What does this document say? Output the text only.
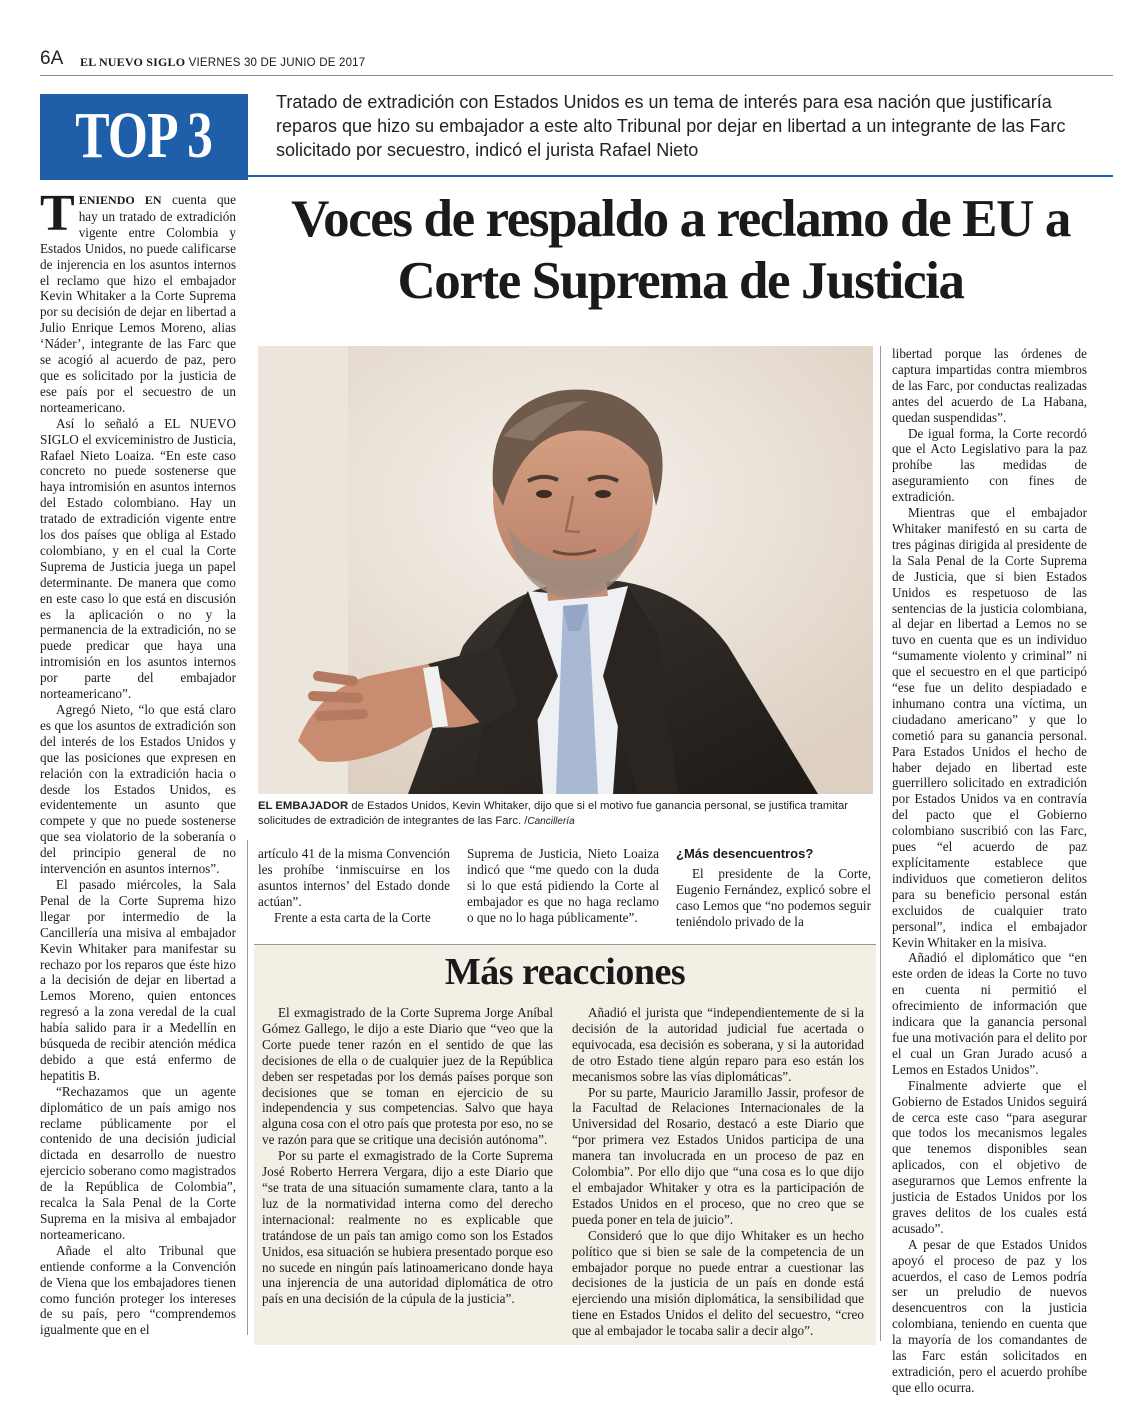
6A EL NUEVO SIGLO VIERNES 30 DE JUNIO DE 2017
TOP 3	Tratado de extradición con Estados Unidos es un tema de interés para esa nación que justificaría reparos que hizo su embajador a este alto Tribunal por dejar en libertad a un integrante de las Farc solicitado por secuestro, indicó el jurista Rafael Nieto
Voces de respaldo a reclamo de EU a Corte Suprema de Justicia

TENIENDO EN cuenta que hay un tratado de extradición vigente entre Colombia y Estados Unidos, no puede calificarse de injerencia en los asuntos internos el reclamo que hizo el embajador Kevin Whitaker a la Corte Suprema por su decisión de dejar en libertad a Julio Enrique Lemos Moreno, alias ‘Náder’, integrante de las Farc que se acogió al acuerdo de paz, pero que es solicitado por la justicia de ese país por el secuestro de un norteamericano.

Así lo señaló a EL NUEVO SIGLO el exviceministro de Justicia, Rafael Nieto Loaiza. “En este caso concreto no puede sostenerse que haya intromisión en asuntos internos del Estado colombiano. Hay un tratado de extradición vigente entre los dos países que obliga al Estado colombiano, y en el cual la Corte Suprema de Justicia juega un papel determinante. De manera que como en este caso lo que está en discusión es la aplicación o no y la permanencia de la extradición, no se puede predicar que haya una intromisión en los asuntos internos por parte del embajador norteamericano”.

Agregó Nieto, “lo que está claro es que los asuntos de extradición son del interés de los Estados Unidos y que las posiciones que expresen en relación con la extradición hacia o desde los Estados Unidos, es evidentemente un asunto que compete y que no puede sostenerse que sea violatorio de la soberanía o del principio general de no intervención en asuntos internos”.

El pasado miércoles, la Sala Penal de la Corte Suprema hizo llegar por intermedio de la Cancillería una misiva al embajador Kevin Whitaker para manifestar su rechazo por los reparos que éste hizo a la decisión de dejar en libertad a Lemos Moreno, quien entonces regresó a la zona veredal de la cual había salido para ir a Medellín en búsqueda de recibir atención médica debido a que está enfermo de hepatitis B.

“Rechazamos que un agente diplomático de un país amigo nos reclame públicamente por el contenido de una decisión judicial dictada en desarrollo de nuestro ejercicio soberano como magistrados de la República de Colombia”, recalca la Sala Penal de la Corte Suprema en la misiva al embajador norteamericano.

Añade el alto Tribunal que entiende conforme a la Convención de Viena que los embajadores tienen como función proteger los intereses de su país, pero “comprendemos igualmente que en el

EL EMBAJADOR de Estados Unidos, Kevin Whitaker, dijo que si el motivo fue ganancia personal, se justifica tramitar solicitudes de extradición de integrantes de las Farc. /Cancillería

artículo 41 de la misma Convención les prohíbe ‘inmiscuirse en los asuntos internos’ del Estado donde actúan”.

Frente a esta carta de la Corte

Suprema de Justicia, Nieto Loaiza indicó que “me quedo con la duda si lo que está pidiendo la Corte al embajador es que no haga reclamo o que no lo haga públicamente”.

¿Más desencuentros?

El presidente de la Corte, Eugenio Fernández, explicó sobre el caso Lemos que “no podemos seguir teniéndolo privado de la

Más reacciones

El exmagistrado de la Corte Suprema Jorge Aníbal Gómez Gallego, le dijo a este Diario que “veo que la Corte puede tener razón en el sentido de que las decisiones de ella o de cualquier juez de la República deben ser respetadas por los demás países porque son decisiones que se toman en ejercicio de su independencia y sus competencias. Salvo que haya alguna cosa con el otro país que protesta por eso, no se ve razón para que se critique una decisión autónoma”.

Por su parte el exmagistrado de la Corte Suprema José Roberto Herrera Vergara, dijo a este Diario que “se trata de una situación sumamente clara, tanto a la luz de la normatividad interna como del derecho internacional: realmente no es explicable que tratándose de un país tan amigo como son los Estados Unidos, esa situación se hubiera presentado porque eso no sucede en ningún país latinoamericano donde haya una injerencia de una autoridad diplomática de otro país en una decisión de la cúpula de la justicia”.

Añadió el jurista que “independientemente de si la decisión de la autoridad judicial fue acertada o equivocada, esa decisión es soberana, y si la autoridad de otro Estado tiene algún reparo para eso están los mecanismos sobre las vías diplomáticas”.

Por su parte, Mauricio Jaramillo Jassir, profesor de la Facultad de Relaciones Internacionales de la Universidad del Rosario, destacó a este Diario que “por primera vez Estados Unidos participa de una manera tan involucrada en un proceso de paz en Colombia”. Por ello dijo que “una cosa es lo que dijo el embajador Whitaker y otra es la participación de Estados Unidos en el proceso, que no creo que se pueda poner en tela de juicio”.

Consideró que lo que dijo Whitaker es un hecho político que si bien se sale de la competencia de un embajador porque no puede entrar a cuestionar las decisiones de la justicia de un país en donde está ejerciendo una misión diplomática, la sensibilidad que tiene en Estados Unidos el delito del secuestro, “creo que al embajador le tocaba salir a decir algo”.

libertad porque las órdenes de captura impartidas contra miembros de las Farc, por conductas realizadas antes del acuerdo de La Habana, quedan suspendidas”.

De igual forma, la Corte recordó que el Acto Legislativo para la paz prohíbe las medidas de aseguramiento con fines de extradición.

Mientras que el embajador Whitaker manifestó en su carta de tres páginas dirigida al presidente de la Sala Penal de la Corte Suprema de Justicia, que si bien Estados Unidos es respetuoso de las sentencias de la justicia colombiana, al dejar en libertad a Lemos no se tuvo en cuenta que es un individuo “sumamente violento y criminal” ni que el secuestro en el que participó “ese fue un delito despiadado e inhumano contra una víctima, un ciudadano americano” y que lo cometió para su ganancia personal. Para Estados Unidos el hecho de haber dejado en libertad este guerrillero solicitado en extradición por Estados Unidos va en contravía del pacto que el Gobierno colombiano suscribió con las Farc, pues “el acuerdo de paz explícitamente establece que individuos que cometieron delitos para su beneficio personal están excluidos de cualquier trato personal”, indica el embajador Kevin Whitaker en la misiva.

Añadió el diplomático que “en este orden de ideas la Corte no tuvo en cuenta ni permitió el ofrecimiento de información que indicara que la ganancia personal fue una motivación para el delito por el cual un Gran Jurado acusó a Lemos en Estados Unidos”.

Finalmente advierte que el Gobierno de Estados Unidos seguirá de cerca este caso “para asegurar que todos los mecanismos legales que tenemos disponibles sean aplicados, con el objetivo de asegurarnos que Lemos enfrente la justicia de Estados Unidos por los graves delitos de los cuales está acusado”.

A pesar de que Estados Unidos apoyó el proceso de paz y los acuerdos, el caso de Lemos podría ser un preludio de nuevos desencuentros con la justicia colombiana, teniendo en cuenta que la mayoría de los comandantes de las Farc están solicitados en extradición, pero el acuerdo prohíbe que ello ocurra.
